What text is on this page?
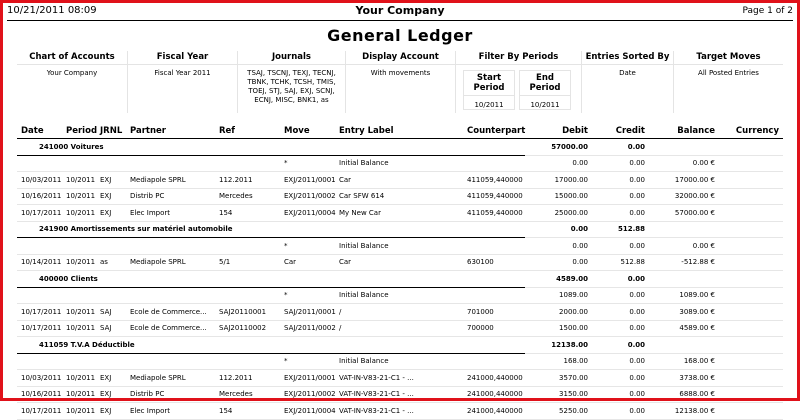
10/21/2011 08:09	Your Company	Page 1 of 2
General Ledger
Chart of Accounts
Your Company
Fiscal Year
Fiscal Year 2011
Journals
TSAJ, TSCNJ, TEXJ, TECNJ,
TBNK, TCHK, TCSH, TMIS,
TOEJ, STJ, SAJ, EXJ, SCNJ,
ECNJ, MISC, BNK1, as
Display Account
With movements
Filter By Periods
Start Period
10/2011
End Period
10/2011
Entries Sorted By
Date
Target Moves
All Posted Entries
Date	Period	JRNL	Partner	Ref	Move	Entry Label	Counterpart	Debit	Credit	Balance	Currency
241000 Voitures								57000.00	0.00		
					*	Initial Balance		0.00	0.00	0.00 €	
10/03/2011	10/2011	EXJ	Mediapole SPRL	112.2011	EXJ/2011/0001	Car	411059,440000	17000.00	0.00	17000.00 €	
10/16/2011	10/2011	EXJ	Distrib PC	Mercedes	EXJ/2011/0002	Car SFW 614	411059,440000	15000.00	0.00	32000.00 €	
10/17/2011	10/2011	EXJ	Elec Import	154	EXJ/2011/0004	My New Car	411059,440000	25000.00	0.00	57000.00 €	
241900 Amortissements sur matériel automobile								0.00	512.88		
					*	Initial Balance		0.00	0.00	0.00 €	
10/14/2011	10/2011	as	Mediapole SPRL	5/1	Car	Car	630100	0.00	512.88	-512.88 €	
400000 Clients								4589.00	0.00		
					*	Initial Balance		1089.00	0.00	1089.00 €	
10/17/2011	10/2011	SAJ	Ecole de Commerce...	SAJ20110001	SAJ/2011/0001	/	701000	2000.00	0.00	3089.00 €	
10/17/2011	10/2011	SAJ	Ecole de Commerce...	SAJ20110002	SAJ/2011/0002	/	700000	1500.00	0.00	4589.00 €	
411059 T.V.A Déductible								12138.00	0.00		
					*	Initial Balance		168.00	0.00	168.00 €	
10/03/2011	10/2011	EXJ	Mediapole SPRL	112.2011	EXJ/2011/0001	VAT-IN-V83-21-C1 - ...	241000,440000	3570.00	0.00	3738.00 €	
10/16/2011	10/2011	EXJ	Distrib PC	Mercedes	EXJ/2011/0002	VAT-IN-V83-21-C1 - ...	241000,440000	3150.00	0.00	6888.00 €	
10/17/2011	10/2011	EXJ	Elec Import	154	EXJ/2011/0004	VAT-IN-V83-21-C1 - ...	241000,440000	5250.00	0.00	12138.00 €	
